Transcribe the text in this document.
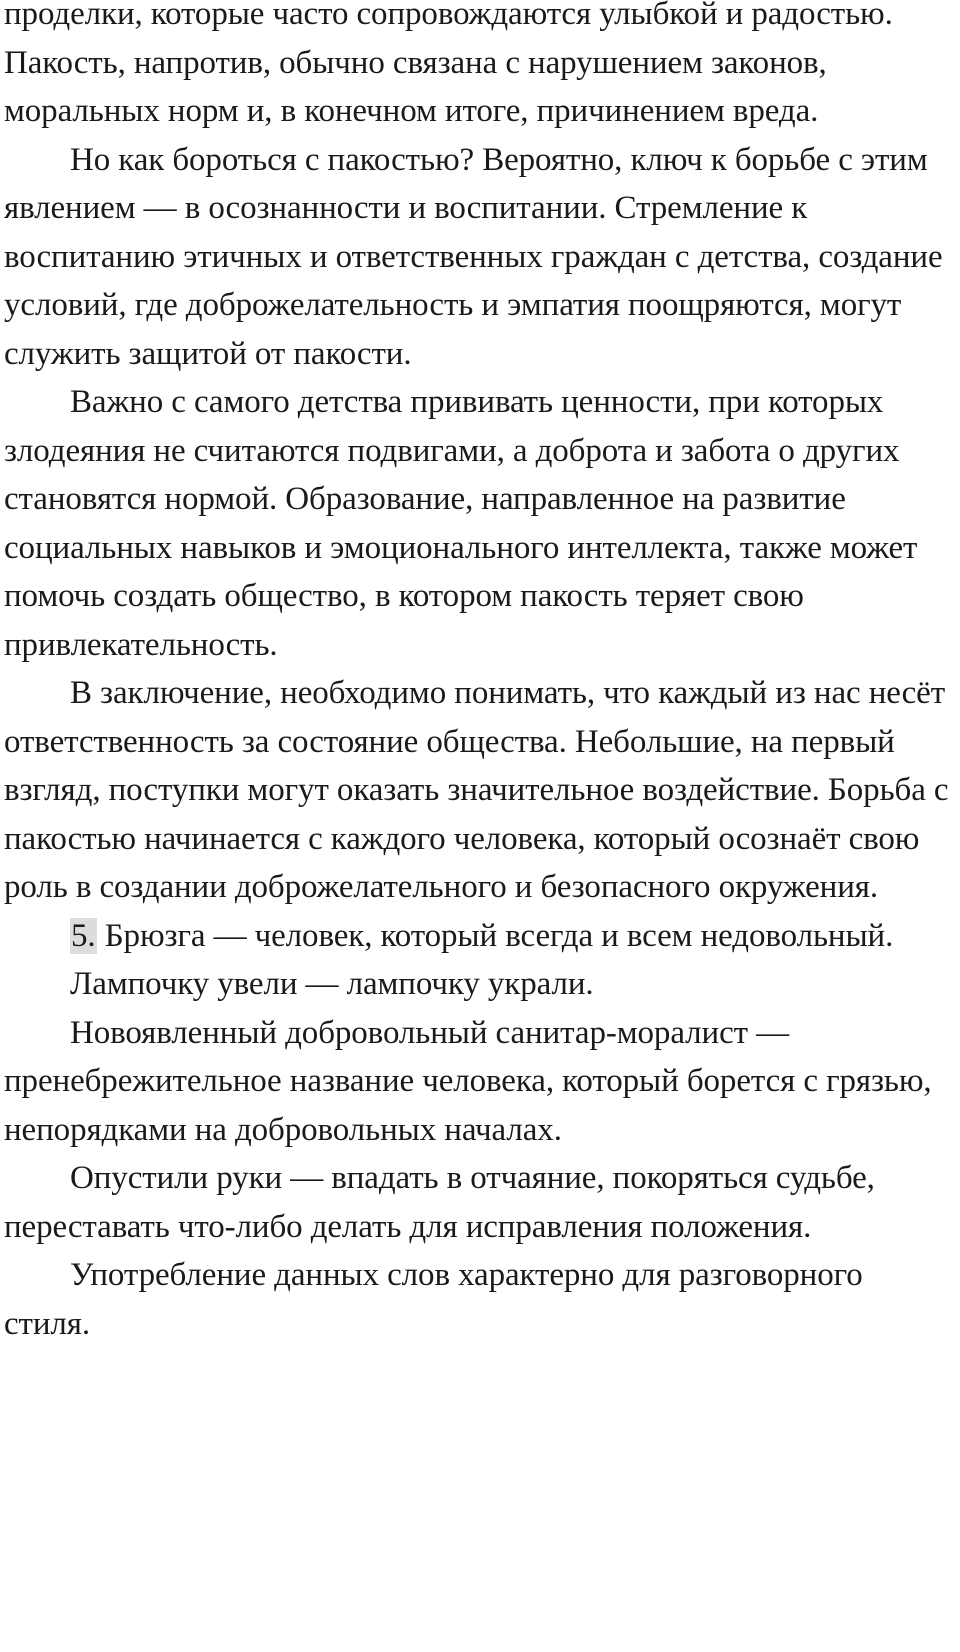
проделки, которые часто сопровождаются улыбкой и радостью. Пакость, напротив, обычно связана с нарушением законов, моральных норм и, в конечном итоге, причинением вреда.

Но как бороться с пакостью? Вероятно, ключ к борьбе с этим явлением — в осознанности и воспитании. Стремление к воспитанию этичных и ответственных граждан с детства, создание условий, где доброжелательность и эмпатия поощряются, могут служить защитой от пакости.

Важно с самого детства прививать ценности, при которых злодеяния не считаются подвигами, а доброта и забота о других становятся нормой. Образование, направленное на развитие социальных навыков и эмоционального интеллекта, также может помочь создать общество, в котором пакость теряет свою привлекательность.

В заключение, необходимо понимать, что каждый из нас несёт ответственность за состояние общества. Небольшие, на первый взгляд, поступки могут оказать значительное воздействие. Борьба с пакостью начинается с каждого человека, который осознаёт свою роль в создании доброжелательного и безопасного окружения.

5. Брюзга — человек, который всегда и всем недовольный.

Лампочку увели — лампочку украли.

Новоявленный добровольный санитар-моралист — пренебрежительное название человека, который борется с грязью, непорядками на добровольных началах.

Опустили руки — впадать в отчаяние, покоряться судьбе, переставать что-либо делать для исправления положения.

Употребление данных слов характерно для разговорного стиля.
